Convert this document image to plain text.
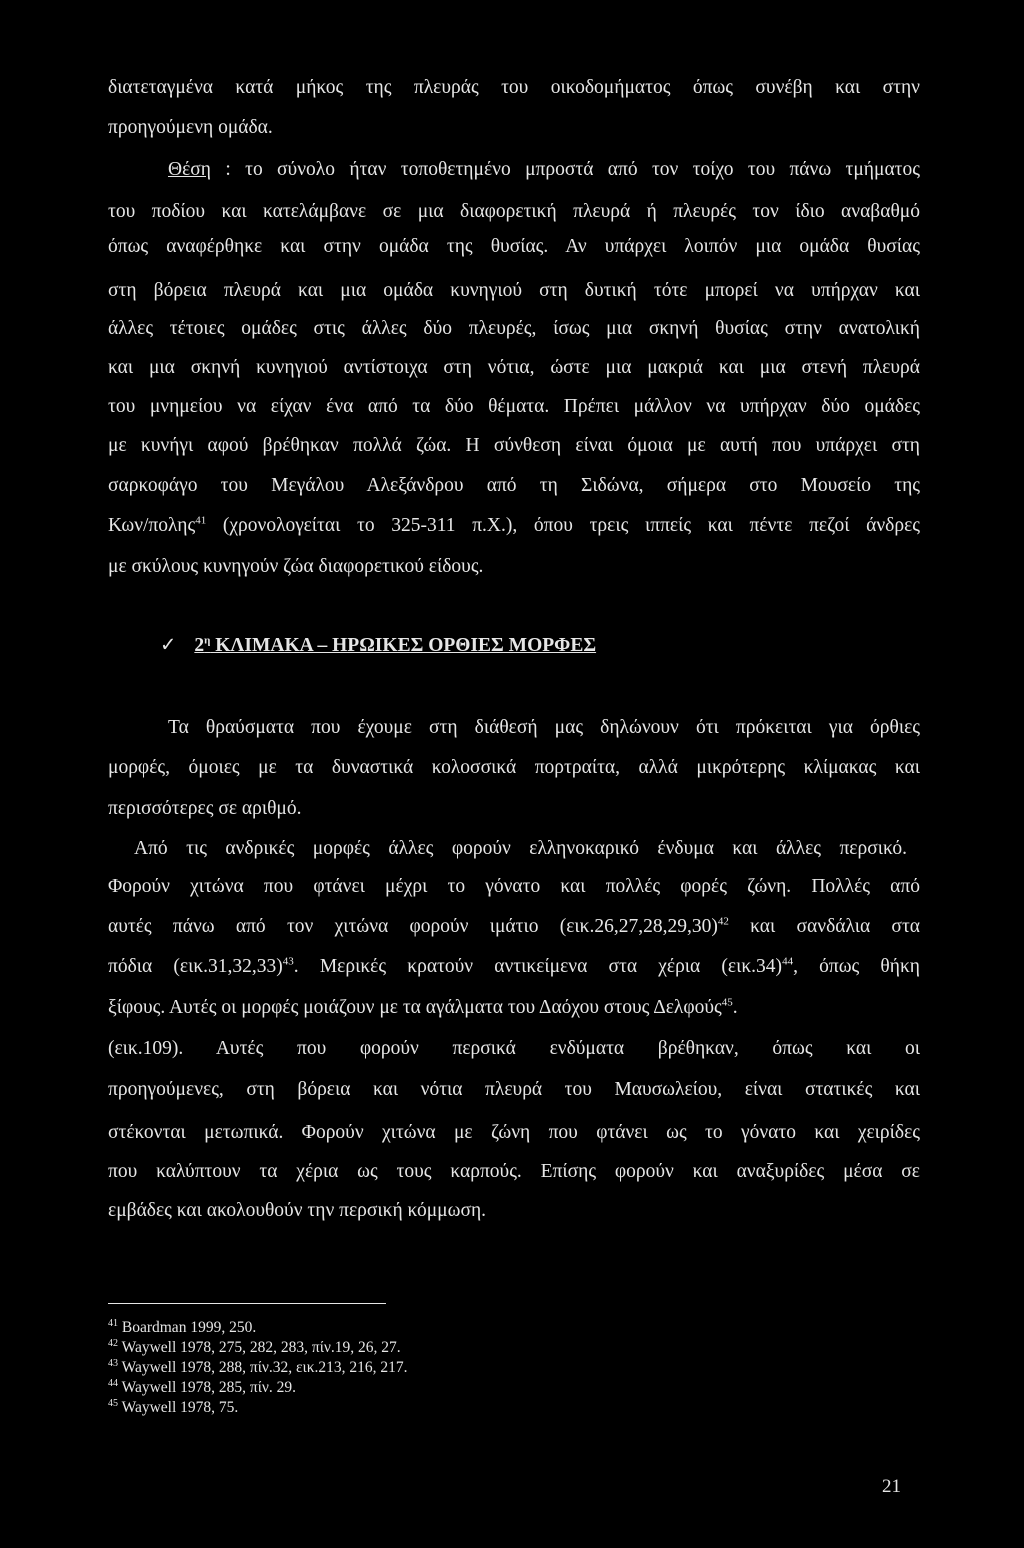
διατεταγμένα κατά μήκος της πλευράς του οικοδομήματος όπως συνέβη και στην
προηγούμενη ομάδα.
Θέση : το σύνολο ήταν τοποθετημένο μπροστά από τον τοίχο του πάνω τμήματος
του ποδίου και κατελάμβανε σε μια διαφορετική πλευρά ή πλευρές τον ίδιο αναβαθμό
όπως αναφέρθηκε και στην ομάδα της θυσίας. Αν υπάρχει λοιπόν μια ομάδα θυσίας
στη βόρεια πλευρά και μια ομάδα κυνηγιού στη δυτική τότε μπορεί να υπήρχαν και
άλλες τέτοιες ομάδες στις άλλες δύο πλευρές, ίσως μια σκηνή θυσίας στην ανατολική
και μια σκηνή κυνηγιού αντίστοιχα στη νότια, ώστε μια μακριά και μια στενή πλευρά
του μνημείου να είχαν ένα από τα δύο θέματα. Πρέπει μάλλον να υπήρχαν δύο ομάδες
με κυνήγι αφού βρέθηκαν πολλά ζώα. Η σύνθεση είναι όμοια με αυτή που υπάρχει στη
σαρκοφάγο του Μεγάλου Αλεξάνδρου από τη Σιδώνα, σήμερα στο Μουσείο της
Κων/πολης$^{41}$ (χρονολογείται το 325-311 π.Χ.), όπου τρεις ιππείς και πέντε πεζοί άνδρες
με σκύλους κυνηγούν ζώα διαφορετικού είδους.
✓ $2^\eta$ ΚΛΙΜΑΚΑ – ΗΡΩΙΚΕΣ ΟΡΘΙΕΣ ΜΟΡΦΕΣ
Τα θραύσματα που έχουμε στη διάθεσή μας δηλώνουν ότι πρόκειται για όρθιες
μορφές, όμοιες με τα δυναστικά κολοσσικά πορτραίτα, αλλά μικρότερης κλίμακας και
περισσότερες σε αριθμό.
Από τις ανδρικές μορφές άλλες φορούν ελληνοκαρικό ένδυμα και άλλες περσικό.
Φορούν χιτώνα που φτάνει μέχρι το γόνατο και πολλές φορές ζώνη. Πολλές από
αυτές πάνω από τον χιτώνα φορούν ιμάτιο $(\varepsilon\iota\kappa.26,27,28,29,30)^{42}$ και σανδάλια στα
πόδια $(\varepsilon\iota\kappa.31,32,33)^{43}$. Μερικές κρατούν αντικείμενα στα χέρια $(\varepsilon\iota\kappa.34)^{44}$, όπως θήκη
ξίφους. Αυτές οι μορφές μοιάζουν με τα αγάλματα του Δαόχου στους Δελφούς$^{45}$.
(εικ.109). Αυτές που φορούν περσικά ενδύματα βρέθηκαν, όπως και οι
προηγούμενες, στη βόρεια και νότια πλευρά του Μαυσωλείου, είναι στατικές και
στέκονται μετωπικά. Φορούν χιτώνα με ζώνη που φτάνει ως το γόνατο και χειρίδες
που καλύπτουν τα χέρια ως τους καρπούς. Επίσης φορούν και αναξυρίδες μέσα σε
εμβάδες και ακολουθούν την περσική κόμμωση.
$^{41}$ Boardman 1999, 250.
$^{42}$ Waywell 1978, 275, 282, 283, πίν.19, 26, 27.
$^{43}$ Waywell 1978, 288, πίν.32, εικ.213, 216, 217.
$^{44}$ Waywell 1978, 285, πίν. 29.
$^{45}$ Waywell 1978, 75.
21
